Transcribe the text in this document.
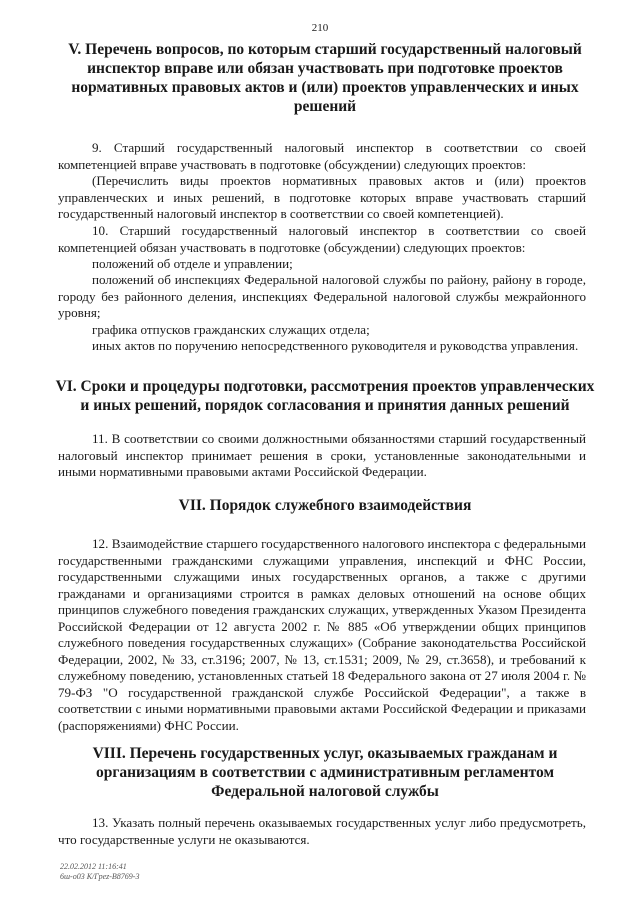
210
V. Перечень вопросов, по которым старший государственный налоговый инспектор вправе или обязан участвовать при подготовке проектов нормативных правовых актов и (или) проектов управленческих и иных решений

9. Старший государственный налоговый инспектор в соответствии со своей компетенцией вправе участвовать в подготовке (обсуждении) следующих проектов:

(Перечислить виды проектов нормативных правовых актов и (или) проектов управленческих и иных решений, в подготовке которых вправе участвовать старший государственный налоговый инспектор в соответствии со своей компетенцией).

10. Старший государственный налоговый инспектор в соответствии со своей компетенцией обязан участвовать в подготовке (обсуждении) следующих проектов:

положений об отделе и управлении;

положений об инспекциях Федеральной налоговой службы по району, району в городе, городу без районного деления, инспекциях Федеральной налоговой службы межрайонного уровня;

графика отпусков гражданских служащих отдела;

иных актов по поручению непосредственного руководителя и руководства управления.

VI. Сроки и процедуры подготовки, рассмотрения проектов управленческих и иных решений, порядок согласования и принятия данных решений

11. В соответствии со своими должностными обязанностями старший государственный налоговый инспектор принимает решения в сроки, установленные законодательными и иными нормативными правовыми актами Российской Федерации.

VII. Порядок служебного взаимодействия

12. Взаимодействие старшего государственного налогового инспектора с федеральными государственными гражданскими служащими управления, инспекций и ФНС России, государственными служащими иных государственных органов, а также с другими гражданами и организациями строится в рамках деловых отношений на основе общих принципов служебного поведения гражданских служащих, утвержденных Указом Президента Российской Федерации от 12 августа 2002 г. № 885 «Об утверждении общих принципов служебного поведения государственных служащих» (Собрание законодательства Российской Федерации, 2002, № 33, ст.3196; 2007, № 13, ст.1531; 2009, № 29, ст.3658), и требований к служебному поведению, установленных статьей 18 Федерального закона от 27 июля 2004 г. № 79-ФЗ "О государственной гражданской службе Российской Федерации", а также в соответствии с иными нормативными правовыми актами Российской Федерации и приказами (распоряжениями) ФНС России.

VIII. Перечень государственных услуг, оказываемых гражданам и организациям в соответствии с административным регламентом Федеральной налоговой службы

13. Указать полный перечень оказываемых государственных услуг либо предусмотреть, что государственные услуги не оказываются.

22.02.2012 11:16:41
6ш-о03 К/Греz-B8769-3
